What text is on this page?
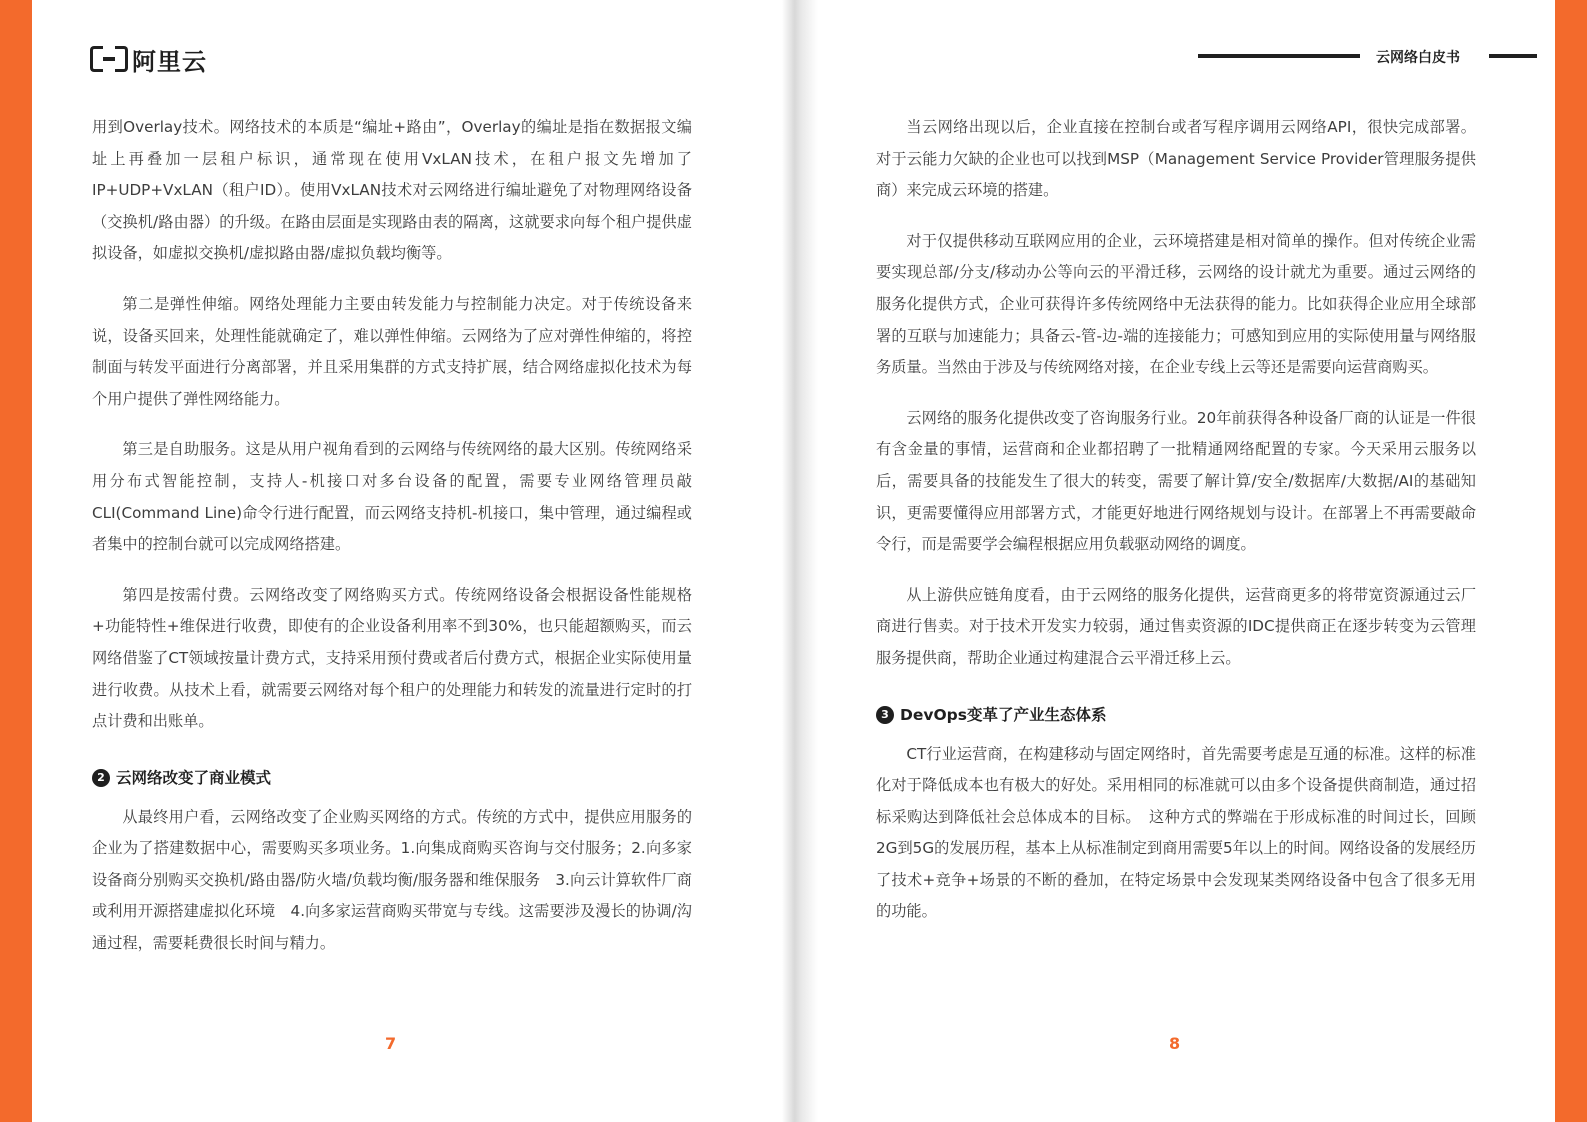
阿里云	云网络白皮书

用到Overlay技术。网络技术的本质是“编址+路由”，Overlay的编址是指在数据报文编址上再叠加一层租户标识，通常现在使用VxLAN技术，在租户报文先增加了IP+UDP+VxLAN（租户ID）。使用VxLAN技术对云网络进行编址避免了对物理网络设备（交换机/路由器）的升级。在路由层面是实现路由表的隔离，这就要求向每个租户提供虚拟设备，如虚拟交换机/虚拟路由器/虚拟负载均衡等。

第二是弹性伸缩。网络处理能力主要由转发能力与控制能力决定。对于传统设备来说，设备买回来，处理性能就确定了，难以弹性伸缩。云网络为了应对弹性伸缩的，将控制面与转发平面进行分离部署，并且采用集群的方式支持扩展，结合网络虚拟化技术为每个用户提供了弹性网络能力。

第三是自助服务。这是从用户视角看到的云网络与传统网络的最大区别。传统网络采用分布式智能控制，支持人-机接口对多台设备的配置，需要专业网络管理员敲CLI(Command Line)命令行进行配置，而云网络支持机-机接口，集中管理，通过编程或者集中的控制台就可以完成网络搭建。

第四是按需付费。云网络改变了网络购买方式。传统网络设备会根据设备性能规格+功能特性+维保进行收费，即使有的企业设备利用率不到30%，也只能超额购买，而云网络借鉴了CT领域按量计费方式，支持采用预付费或者后付费方式，根据企业实际使用量进行收费。从技术上看，就需要云网络对每个租户的处理能力和转发的流量进行定时的打点计费和出账单。

2 云网络改变了商业模式

从最终用户看，云网络改变了企业购买网络的方式。传统的方式中，提供应用服务的企业为了搭建数据中心，需要购买多项业务。1.向集成商购买咨询与交付服务；2.向多家设备商分别购买交换机/路由器/防火墙/负载均衡/服务器和维保服务　3.向云计算软件厂商或利用开源搭建虚拟化环境　4.向多家运营商购买带宽与专线。这需要涉及漫长的协调/沟通过程，需要耗费很长时间与精力。

当云网络出现以后，企业直接在控制台或者写程序调用云网络API，很快完成部署。对于云能力欠缺的企业也可以找到MSP（Management Service Provider管理服务提供商）来完成云环境的搭建。

对于仅提供移动互联网应用的企业，云环境搭建是相对简单的操作。但对传统企业需要实现总部/分支/移动办公等向云的平滑迁移，云网络的设计就尤为重要。通过云网络的服务化提供方式，企业可获得许多传统网络中无法获得的能力。比如获得企业应用全球部署的互联与加速能力；具备云-管-边-端的连接能力；可感知到应用的实际使用量与网络服务质量。当然由于涉及与传统网络对接，在企业专线上云等还是需要向运营商购买。

云网络的服务化提供改变了咨询服务行业。20年前获得各种设备厂商的认证是一件很有含金量的事情，运营商和企业都招聘了一批精通网络配置的专家。今天采用云服务以后，需要具备的技能发生了很大的转变，需要了解计算/安全/数据库/大数据/AI的基础知识，更需要懂得应用部署方式，才能更好地进行网络规划与设计。在部署上不再需要敲命令行，而是需要学会编程根据应用负载驱动网络的调度。

从上游供应链角度看，由于云网络的服务化提供，运营商更多的将带宽资源通过云厂商进行售卖。对于技术开发实力较弱，通过售卖资源的IDC提供商正在逐步转变为云管理服务提供商，帮助企业通过构建混合云平滑迁移上云。

3 DevOps变革了产业生态体系

CT行业运营商，在构建移动与固定网络时，首先需要考虑是互通的标准。这样的标准化对于降低成本也有极大的好处。采用相同的标准就可以由多个设备提供商制造，通过招标采购达到降低社会总体成本的目标。　这种方式的弊端在于形成标准的时间过长，回顾2G到5G的发展历程，基本上从标准制定到商用需要5年以上的时间。网络设备的发展经历了技术+竞争+场景的不断的叠加，在特定场景中会发现某类网络设备中包含了很多无用的功能。

7	8
